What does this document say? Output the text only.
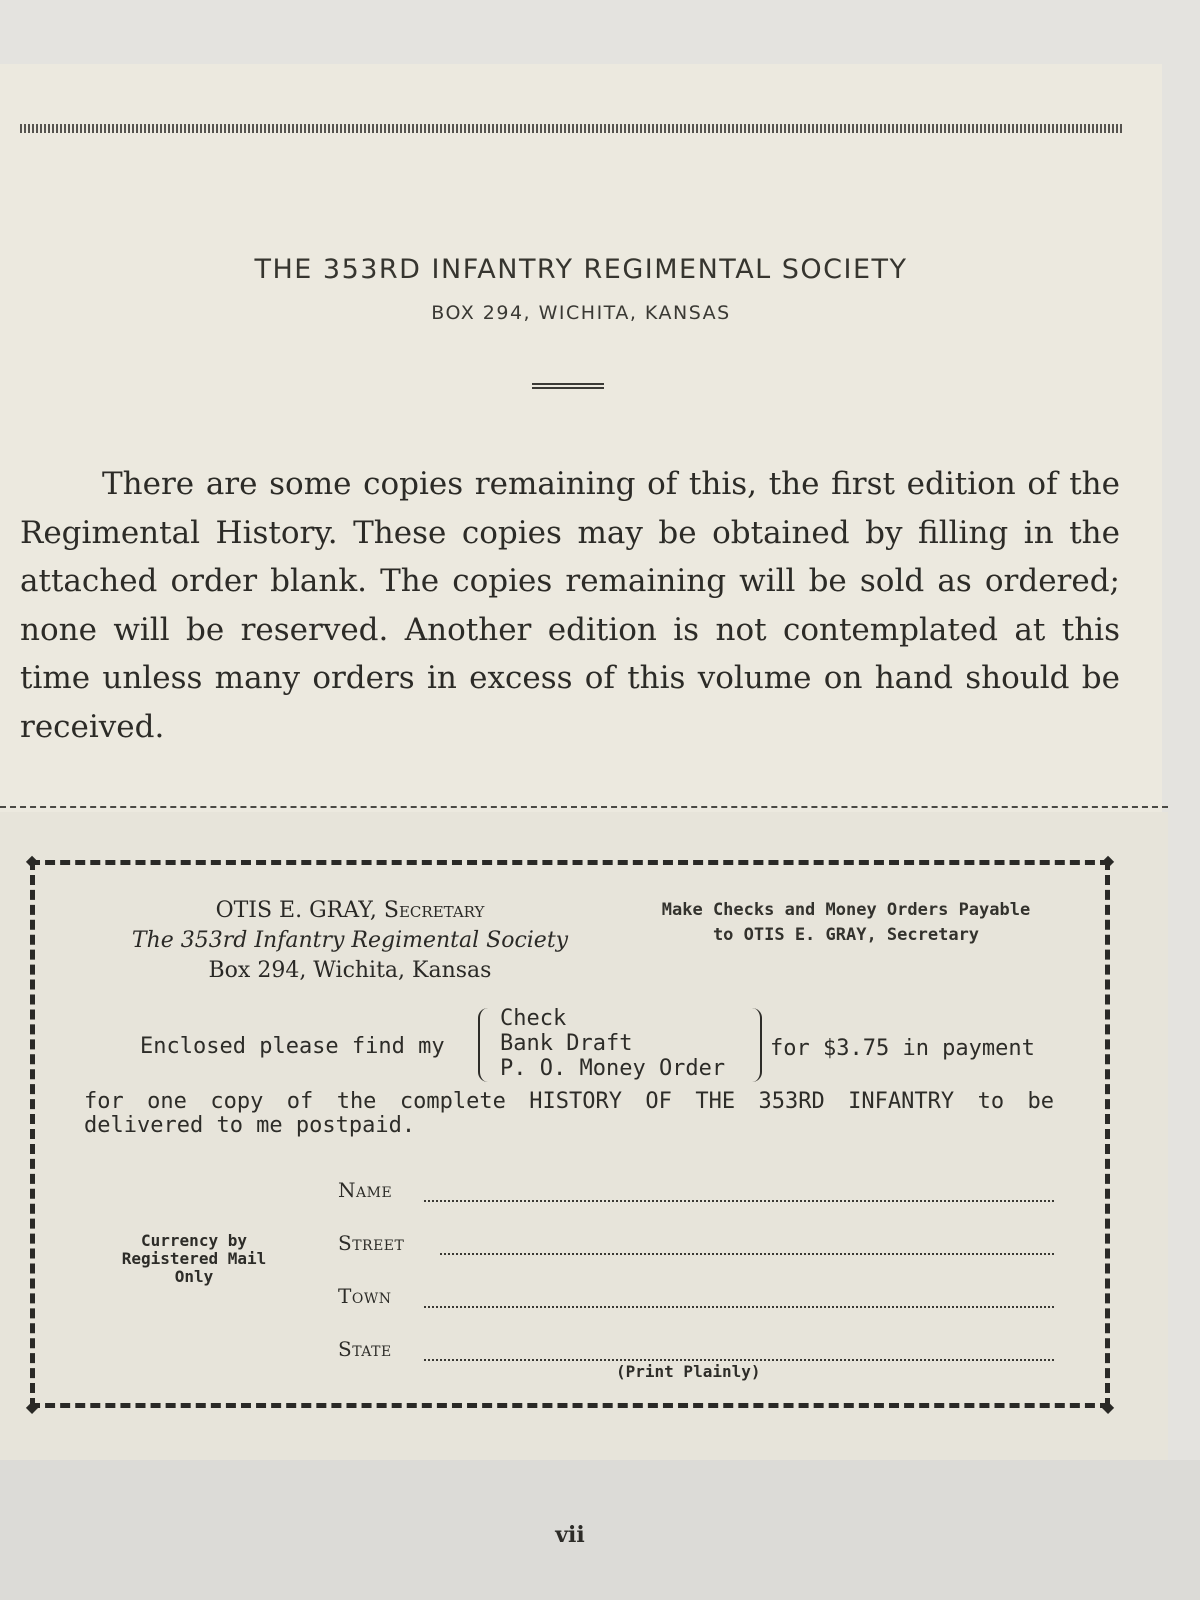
THE 353RD INFANTRY REGIMENTAL SOCIETY
BOX 294, WICHITA, KANSAS
There are some copies remaining of this, the first edition of the Regimental History. These copies may be obtained by filling in the attached order blank. The copies remaining will be sold as ordered; none will be reserved. Another edition is not contemplated at this time unless many orders in excess of this volume on hand should be received.
◆	◆
◆	◆
OTIS E. GRAY, Secretary
The 353rd Infantry Regimental Society
Box 294, Wichita, Kansas
Make Checks and Money Orders Payable
to OTIS E. GRAY, Secretary
Enclosed please find my
Check
Bank Draft
P. O. Money Order
for $3.75 in payment
for one copy of the complete HISTORY OF THE 353RD INFANTRY to be delivered to me postpaid.
Currency by
Registered Mail
Only
Name
Street
Town
State
(Print Plainly)
vii
